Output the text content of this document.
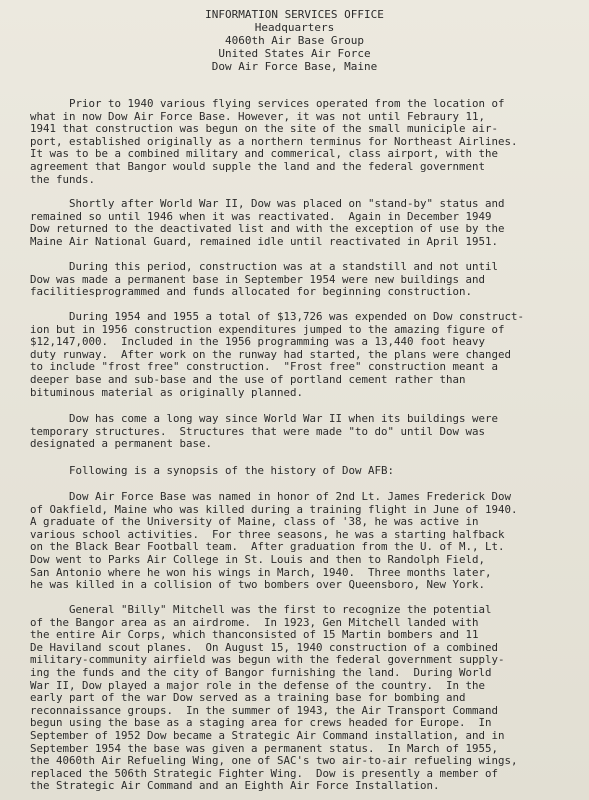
INFORMATION SERVICES OFFICE
Headquarters
4060th Air Base Group
United States Air Force
Dow Air Force Base, Maine
Prior to 1940 various flying services operated from the location of
what in now Dow Air Force Base. However, it was not until Febraury 11,
1941 that construction was begun on the site of the small municiple air-
port, established originally as a northern terminus for Northeast Airlines.
It was to be a combined military and commerical, class airport, with the
agreement that Bangor would supple the land and the federal government
the funds.
Shortly after World War II, Dow was placed on "stand-by" status and
remained so until 1946 when it was reactivated.  Again in December 1949
Dow returned to the deactivated list and with the exception of use by the
Maine Air National Guard, remained idle until reactivated in April 1951.
During this period, construction was at a standstill and not until
Dow was made a permanent base in September 1954 were new buildings and
facilitiesprogrammed and funds allocated for beginning construction.
During 1954 and 1955 a total of $13,726 was expended on Dow construct-
ion but in 1956 construction expenditures jumped to the amazing figure of
$12,147,000.  Included in the 1956 programming was a 13,440 foot heavy
duty runway.  After work on the runway had started, the plans were changed
to include "frost free" construction.  "Frost free" construction meant a
deeper base and sub-base and the use of portland cement rather than
bituminous material as originally planned.
Dow has come a long way since World War II when its buildings were
temporary structures.  Structures that were made "to do" until Dow was
designated a permanent base.
Following is a synopsis of the history of Dow AFB:
Dow Air Force Base was named in honor of 2nd Lt. James Frederick Dow
of Oakfield, Maine who was killed during a training flight in June of 1940.
A graduate of the University of Maine, class of '38, he was active in
various school activities.  For three seasons, he was a starting halfback
on the Black Bear Football team.  After graduation from the U. of M., Lt.
Dow went to Parks Air College in St. Louis and then to Randolph Field,
San Antonio where he won his wings in March, 1940.  Three months later,
he was killed in a collision of two bombers over Queensboro, New York.
General "Billy" Mitchell was the first to recognize the potential
of the Bangor area as an airdrome.  In 1923, Gen Mitchell landed with
the entire Air Corps, which thanconsisted of 15 Martin bombers and 11
De Haviland scout planes.  On August 15, 1940 construction of a combined
military-community airfield was begun with the federal government supply-
ing the funds and the city of Bangor furnishing the land.  During World
War II, Dow played a major role in the defense of the country.  In the
early part of the war Dow served as a training base for bombing and
reconnaissance groups.  In the summer of 1943, the Air Transport Command
begun using the base as a staging area for crews headed for Europe.  In
September of 1952 Dow became a Strategic Air Command installation, and in
September 1954 the base was given a permanent status.  In March of 1955,
the 4060th Air Refueling Wing, one of SAC's two air-to-air refueling wings,
replaced the 506th Strategic Fighter Wing.  Dow is presently a member of
the Strategic Air Command and an Eighth Air Force Installation.
